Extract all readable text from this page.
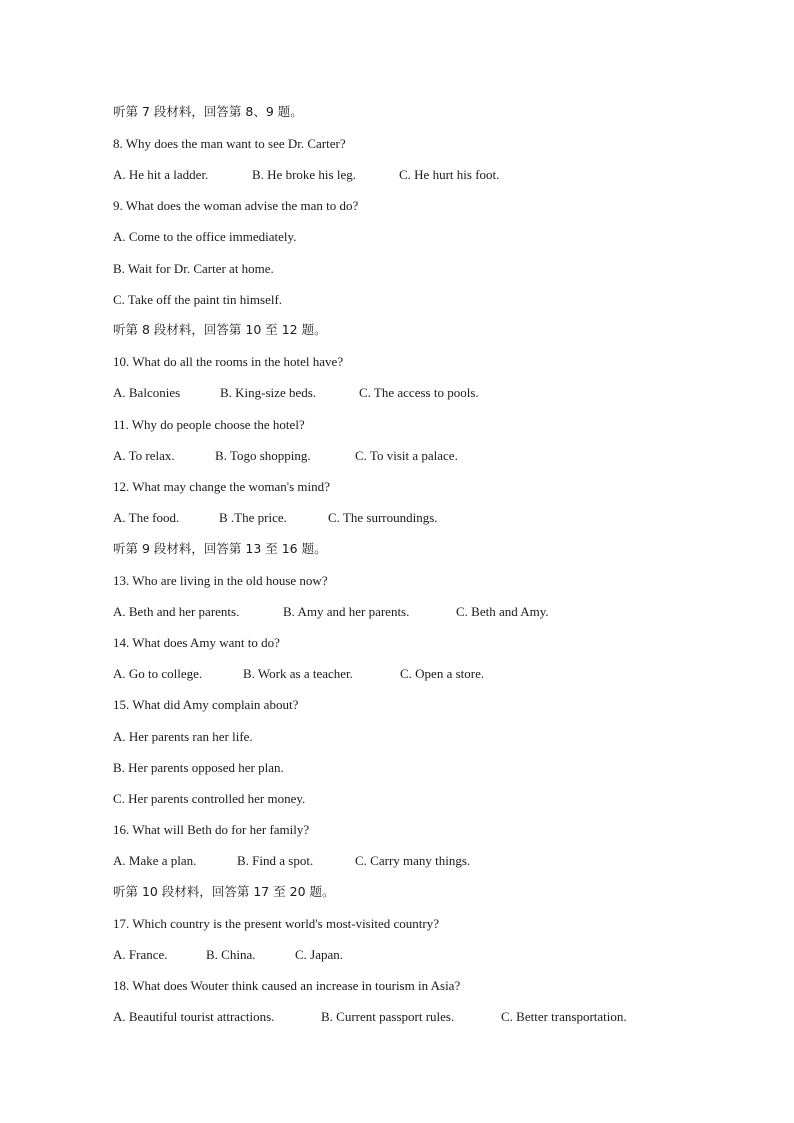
听第 7 段材料，回答第 8、9 题。
8. Why does the man want to see Dr. Carter?
A. He hit a ladder.	B. He broke his leg.	C. He hurt his foot.
9. What does the woman advise the man to do?
A. Come to the office immediately.
B. Wait for Dr. Carter at home.
C. Take off the paint tin himself.
听第 8 段材料，回答第 10 至 12 题。
10. What do all the rooms in the hotel have?
A. Balconies	B. King-size beds.	C. The access to pools.
11. Why do people choose the hotel?
A. To relax.	B. Togo shopping.	C. To visit a palace.
12. What may change the woman's mind?
A. The food.	B .The price.	C. The surroundings.
听第 9 段材料，回答第 13 至 16 题。
13. Who are living in the old house now?
A. Beth and her parents.	B. Amy and her parents.	C. Beth and Amy.
14. What does Amy want to do?
A. Go to college.	B. Work as a teacher.	C. Open a store.
15. What did Amy complain about?
A. Her parents ran her life.
B. Her parents opposed her plan.
C. Her parents controlled her money.
16. What will Beth do for her family?
A. Make a plan.	B. Find a spot.	C. Carry many things.
听第 10 段材料，回答第 17 至 20 题。
17. Which country is the present world's most-visited country?
A. France.	B. China.	C. Japan.
18. What does Wouter think caused an increase in tourism in Asia?
A. Beautiful tourist attractions.	B. Current passport rules.	C. Better transportation.
